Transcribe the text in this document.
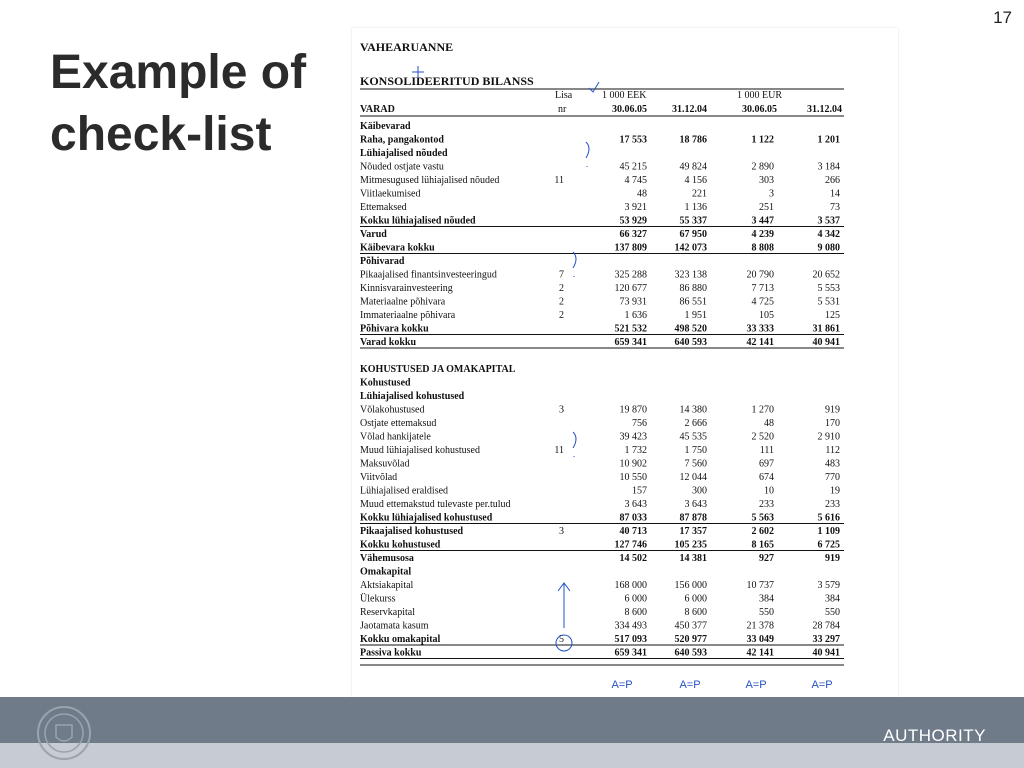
17
Example of check-list
VAHEARUANNE
KONSOLIDEERITUD BILANSS
Lisa	1 000 EEK	1 000 EUR
VARAD	nr	30.06.05	31.12.04	30.06.05	31.12.04
Käibevarad
Raha, pangakontod	17 553	18 786	1 122	1 201
Lühiajalised nõuded
Nõuded ostjate vastu	45 215	49 824	2 890	3 184
Mitmesugused lühiajalised nõuded	11	4 745	4 156	303	266
Viitlaekumised	48	221	3	14
Ettemaksed	3 921	1 136	251	73
Kokku lühiajalised nõuded	53 929	55 337	3 447	3 537
Varud	66 327	67 950	4 239	4 342
Käibevara kokku	137 809	142 073	8 808	9 080
Põhivarad
Pikaajalised finantsinvesteeringud	7	325 288	323 138	20 790	20 652
Kinnisvarainvesteering	2	120 677	86 880	7 713	5 553
Materiaalne põhivara	2	73 931	86 551	4 725	5 531
Immateriaalne põhivara	2	1 636	1 951	105	125
Põhivara kokku	521 532	498 520	33 333	31 861
Varad kokku	659 341	640 593	42 141	40 941
KOHUSTUSED JA OMAKAPITAL
Kohustused
Lühiajalised kohustused
Võlakohustused	3	19 870	14 380	1 270	919
Ostjate ettemaksud	756	2 666	48	170
Võlad hankijatele	39 423	45 535	2 520	2 910
Muud lühiajalised kohustused	11	1 732	1 750	111	112
Maksuvõlad	10 902	7 560	697	483
Viitvõlad	10 550	12 044	674	770
Lühiajalised eraldised	157	300	10	19
Muud ettemakstud tulevaste per.tulud	3 643	3 643	233	233
Kokku lühiajalised kohustused	87 033	87 878	5 563	5 616
Pikaajalised kohustused	3	40 713	17 357	2 602	1 109
Kokku kohustused	127 746	105 235	8 165	6 725
Vähemusosa	14 502	14 381	927	919
Omakapital
Aktsiakapital	168 000	156 000	10 737	3 579
Ülekurss	6 000	6 000	384	384
Reservkapital	8 600	8 600	550	550
Jaotamata kasum	334 493	450 377	21 378	28 784
Kokku omakapital	5	517 093	520 977	33 049	33 297
Passiva kokku	659 341	640 593	42 141	40 941
A=P	A=P	A=P	A=P
AUTHORITY
